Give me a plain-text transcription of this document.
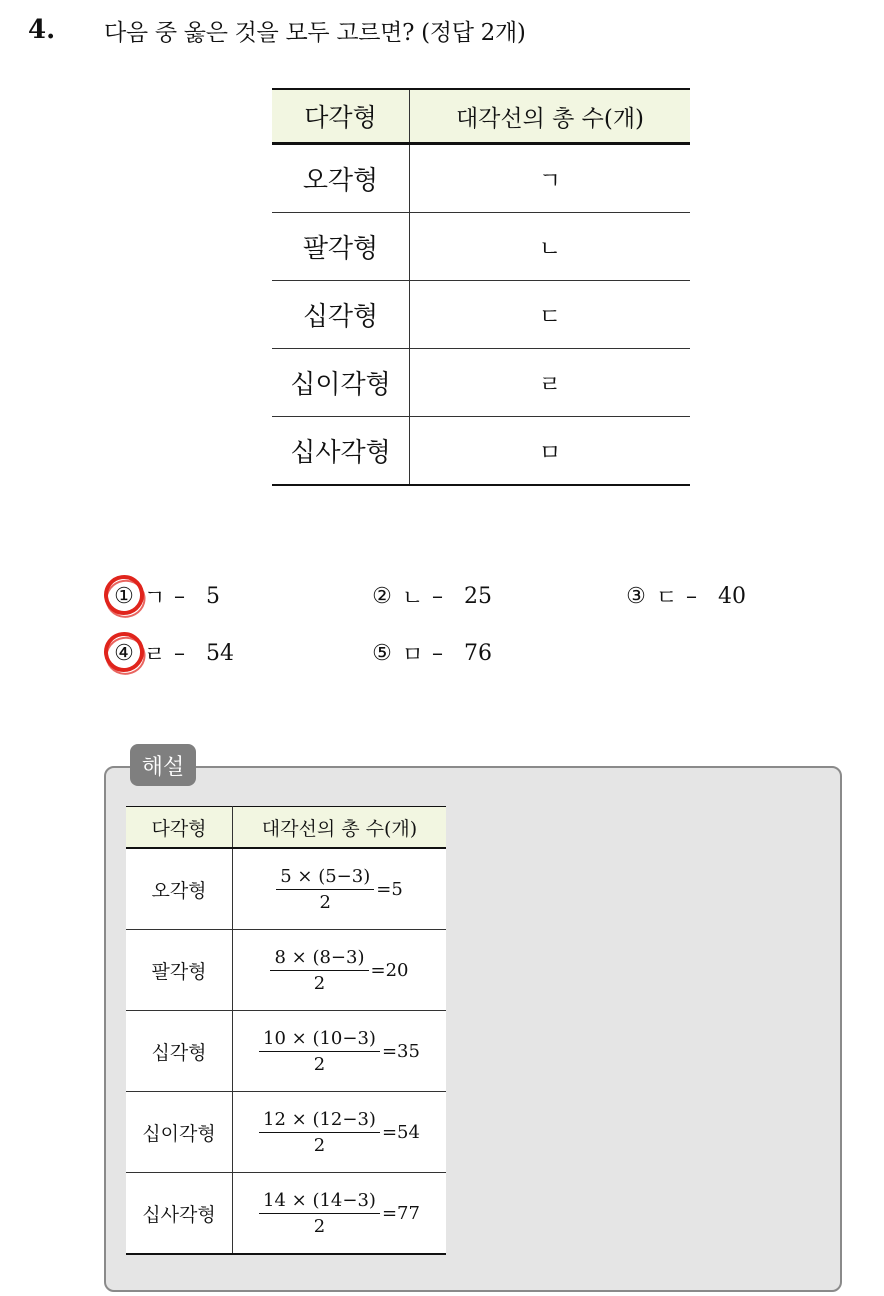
4.	다음 중 옳은 것을 모두 고르면? (정답 2개)
다각형	대각선의 총 수(개)
오각형	ㄱ
팔각형	ㄴ
십각형	ㄷ
십이각형	ㄹ
십사각형	ㅁ
① ㄱ – 5	② ㄴ – 25	③ ㄷ – 40
④ ㄹ – 54	⑤ ㅁ – 76
해설
다각형	대각선의 총 수(개)
오각형	$\frac{5 \times (5-3)}{2} =5$

팔각형	$\frac{8 \times (8-3)}{2} =20$

십각형	$\frac{10 \times (10-3)}{2} =35$

십이각형	$\frac{12 \times (12-3)}{2} =54$

십사각형	$\frac{14 \times (14-3)}{2} =77$
